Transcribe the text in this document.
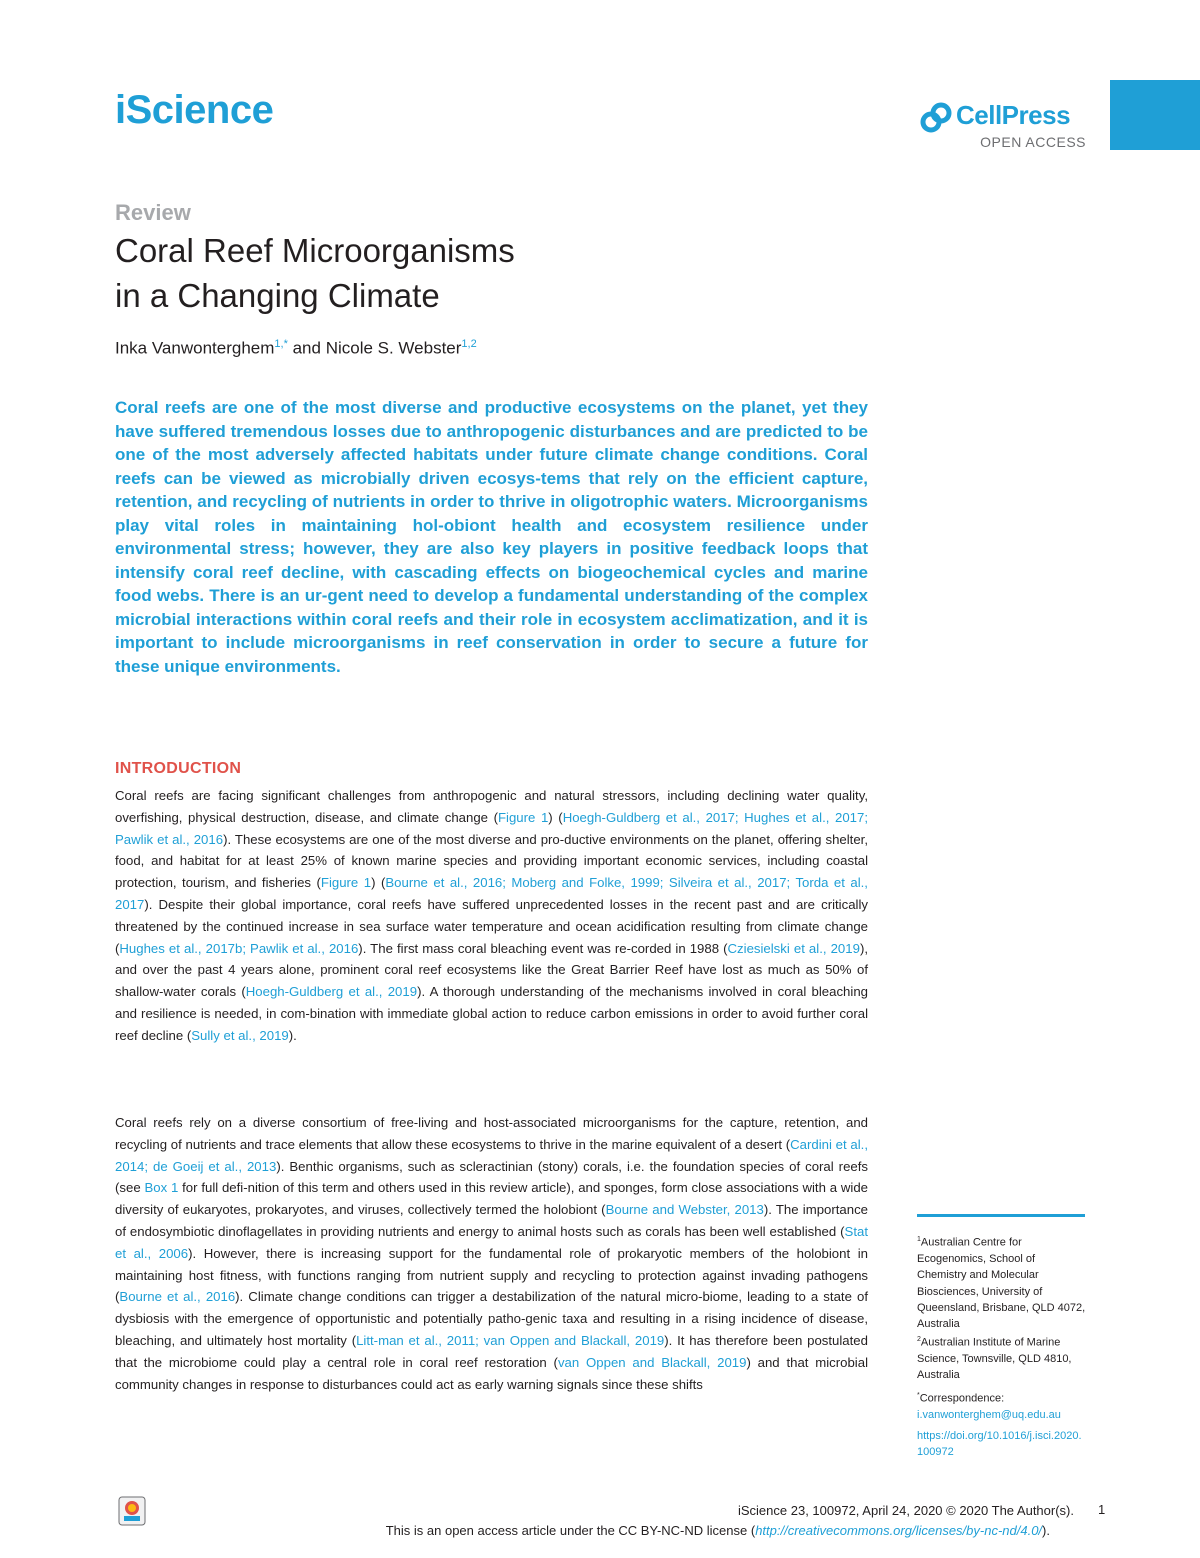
iScience	CellPress
OPEN ACCESS
Review
Coral Reef Microorganisms
in a Changing Climate
Inka Vanwonterghem$^{1,*}$ and Nicole S. Webster$^{1,2}$

Coral reefs are one of the most diverse and productive ecosystems on the planet, yet they have suffered tremendous losses due to anthropogenic disturbances and are predicted to be one of the most adversely affected habitats under future climate change conditions. Coral reefs can be viewed as microbially driven ecosys-tems that rely on the efficient capture, retention, and recycling of nutrients in order to thrive in oligotrophic waters. Microorganisms play vital roles in maintaining hol-obiont health and ecosystem resilience under environmental stress; however, they are also key players in positive feedback loops that intensify coral reef decline, with cascading effects on biogeochemical cycles and marine food webs. There is an ur-gent need to develop a fundamental understanding of the complex microbial interactions within coral reefs and their role in ecosystem acclimatization, and it is important to include microorganisms in reef conservation in order to secure a future for these unique environments.

INTRODUCTION

Coral reefs are facing significant challenges from anthropogenic and natural stressors, including declining water quality, overfishing, physical destruction, disease, and climate change (Figure 1) (Hoegh-Guldberg et al., 2017; Hughes et al., 2017; Pawlik et al., 2016). These ecosystems are one of the most diverse and pro-ductive environments on the planet, offering shelter, food, and habitat for at least 25% of known marine species and providing important economic services, including coastal protection, tourism, and fisheries (Figure 1) (Bourne et al., 2016; Moberg and Folke, 1999; Silveira et al., 2017; Torda et al., 2017). Despite their global importance, coral reefs have suffered unprecedented losses in the recent past and are critically threatened by the continued increase in sea surface water temperature and ocean acidification resulting from climate change (Hughes et al., 2017b; Pawlik et al., 2016). The first mass coral bleaching event was re-corded in 1988 (Cziesielski et al., 2019), and over the past 4 years alone, prominent coral reef ecosystems like the Great Barrier Reef have lost as much as 50% of shallow-water corals (Hoegh-Guldberg et al., 2019). A thorough understanding of the mechanisms involved in coral bleaching and resilience is needed, in com-bination with immediate global action to reduce carbon emissions in order to avoid further coral reef decline (Sully et al., 2019).

Coral reefs rely on a diverse consortium of free-living and host-associated microorganisms for the capture, retention, and recycling of nutrients and trace elements that allow these ecosystems to thrive in the marine equivalent of a desert (Cardini et al., 2014; de Goeij et al., 2013). Benthic organisms, such as scleractinian (stony) corals, i.e. the foundation species of coral reefs (see Box 1 for full defi-nition of this term and others used in this review article), and sponges, form close associations with a wide diversity of eukaryotes, prokaryotes, and viruses, collectively termed the holobiont (Bourne and Webster, 2013). The importance of endosymbiotic dinoflagellates in providing nutrients and energy to animal hosts such as corals has been well established (Stat et al., 2006). However, there is increasing support for the fundamental role of prokaryotic members of the holobiont in maintaining host fitness, with functions ranging from nutrient supply and recycling to protection against invading pathogens (Bourne et al., 2016). Climate change conditions can trigger a destabilization of the natural micro-biome, leading to a state of dysbiosis with the emergence of opportunistic and potentially patho-genic taxa and resulting in a rising incidence of disease, bleaching, and ultimately host mortality (Litt-man et al., 2011; van Oppen and Blackall, 2019). It has therefore been postulated that the microbiome could play a central role in coral reef restoration (van Oppen and Blackall, 2019) and that microbial community changes in response to disturbances could act as early warning signals since these shifts

$^1$Australian Centre for Ecogenomics, School of Chemistry and Molecular Biosciences, University of Queensland, Brisbane, QLD 4072, Australia

$^2$Australian Institute of Marine Science, Townsville, QLD 4810, Australia

*Correspondence:
i.vanwonterghem@uq.edu.au

https://doi.org/10.1016/j.isci.2020.100972

iScience 23, 100972, April 24, 2020 © 2020 The Author(s). 1
This is an open access article under the CC BY-NC-ND license (http://creativecommons.org/licenses/by-nc-nd/4.0/).
